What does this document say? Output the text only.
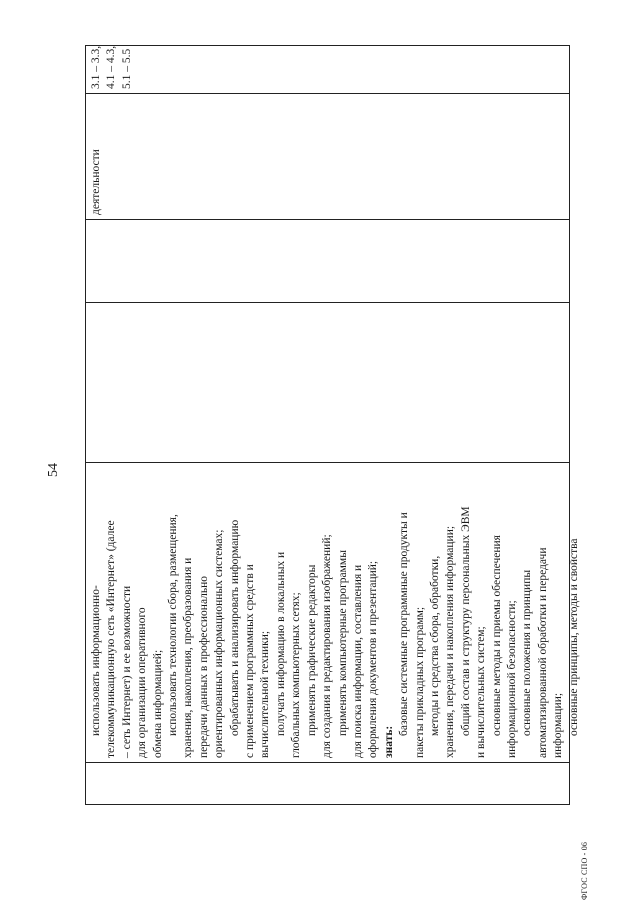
54
использовать информационно- телекоммуникационную сеть «Интернет» (далее – сеть Интернет) и ее возможности для организации оперативного обмена информацией; использовать технологии сбора, размещения, хранения, накопления, преобразования и передачи данных в профессионально ориентированных информационных системах; обрабатывать и анализировать информацию с применением программных средств и вычислительной техники; получать информацию в локальных и глобальных компьютерных сетях; применять графические редакторы для создания и редактирования изображений; применять компьютерные программы для поиска информации, составления и оформления документов и презентаций; знать:
базовые системные программные продукты и пакеты прикладных программ; методы и средства сбора, обработки, хранения, передачи и накопления информации; общий состав и структуру персональных ЭВМ и вычислительных систем; основные методы и приемы обеспечения информационной безопасности; основные положения и принципы автоматизированной обработки и передачи информации; основные принципы, методы и свойства
деятельности
3.1 – 3.3, 4.1 – 4.3, 5.1 – 5.5
ФГОС СПО - 06
